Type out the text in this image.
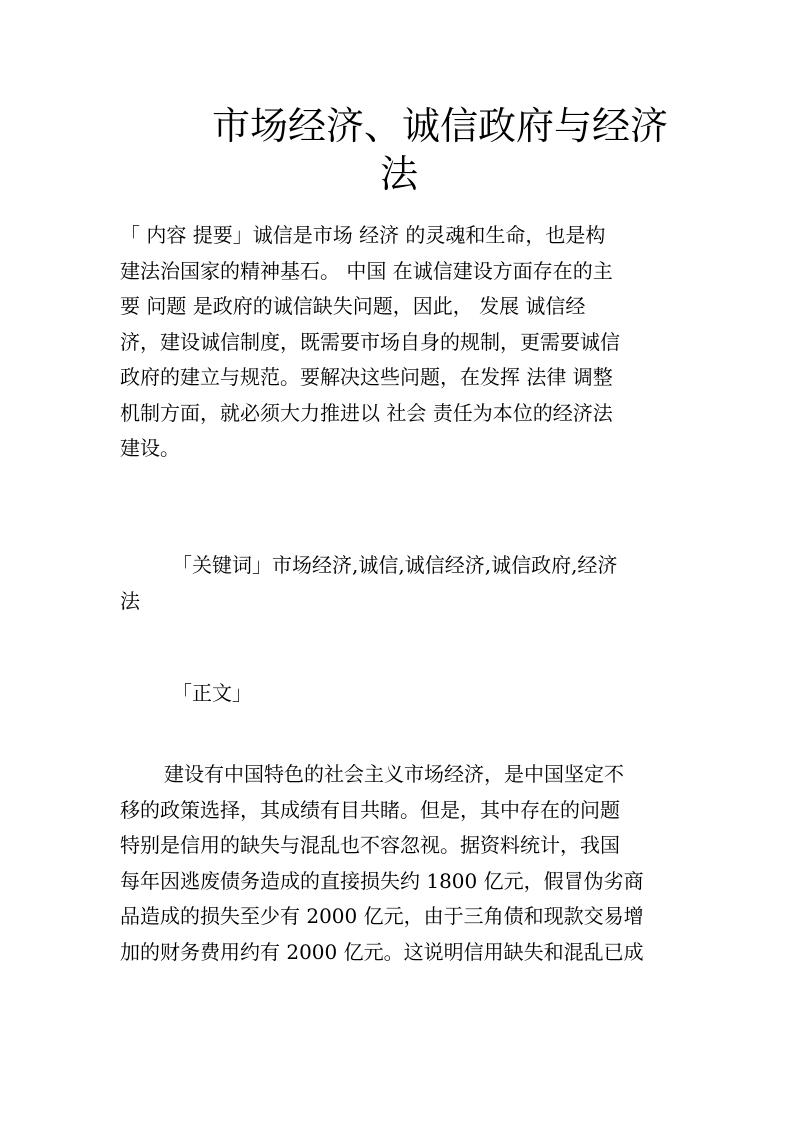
市场经济、诚信政府与经济
法
「 内容 提要」诚信是市场 经济 的灵魂和生命，也是构
建法治国家的精神基石。 中国 在诚信建设方面存在的主
要 问题 是政府的诚信缺失问题，因此， 发展 诚信经
济，建设诚信制度，既需要市场自身的规制，更需要诚信
政府的建立与规范。要解决这些问题，在发挥 法律 调整
机制方面，就必须大力推进以 社会 责任为本位的经济法
建设。
「关键词」市场经济,诚信,诚信经济,诚信政府,经济
法
「正文」
建设有中国特色的社会主义市场经济，是中国坚定不
移的政策选择，其成绩有目共睹。但是，其中存在的问题
特别是信用的缺失与混乱也不容忽视。据资料统计，我国
每年因逃废债务造成的直接损失约 1800 亿元，假冒伪劣商
品造成的损失至少有 2000 亿元，由于三角债和现款交易增
加的财务费用约有 2000 亿元。这说明信用缺失和混乱已成
